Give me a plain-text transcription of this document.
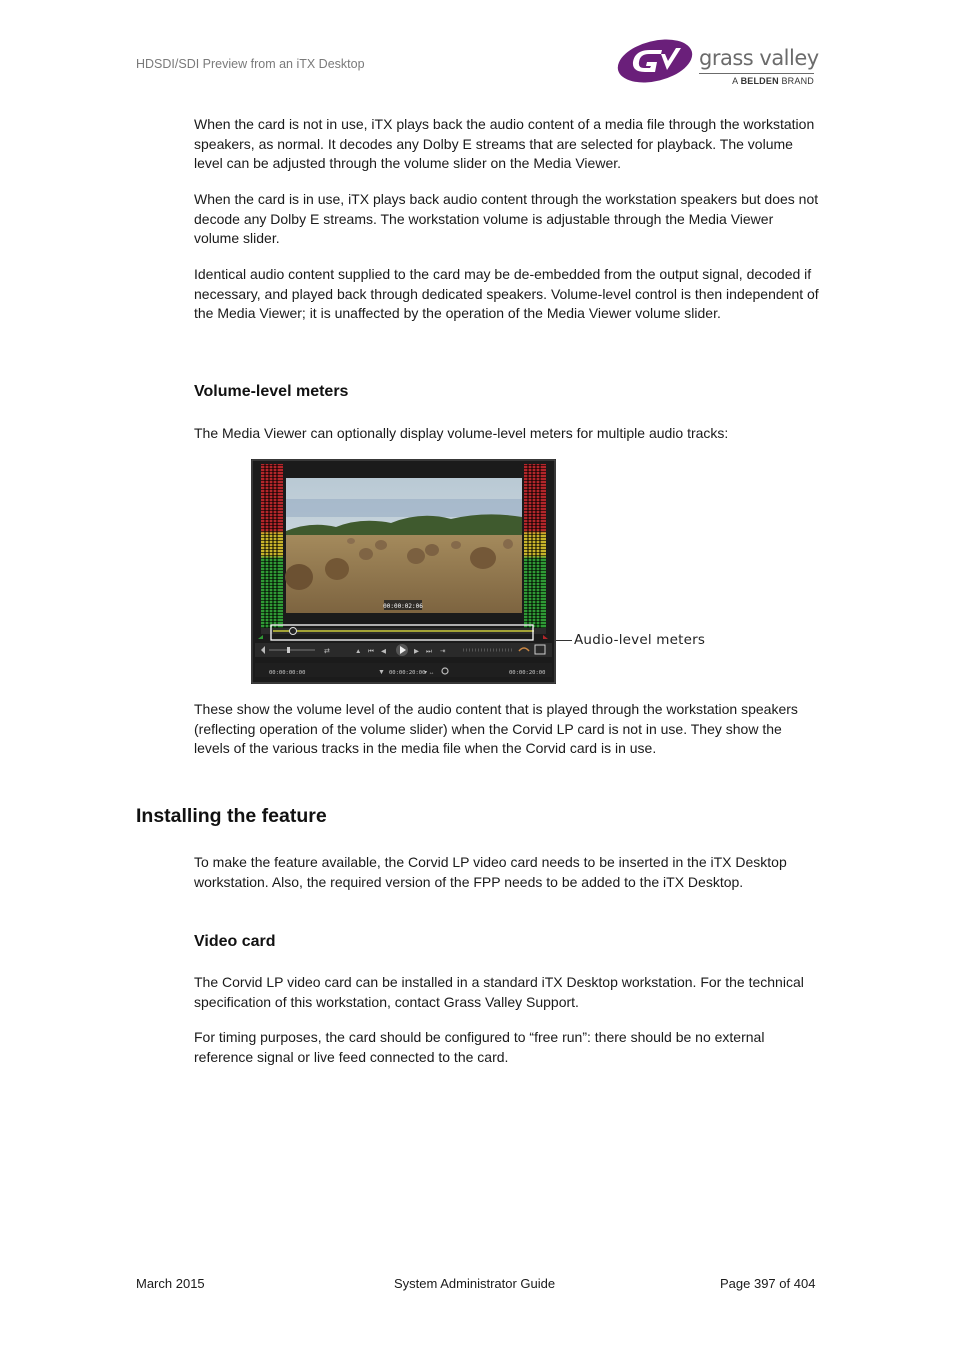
HDSDI/SDI Preview from an iTX Desktop	grass valley
A BELDEN BRAND

When the card is not in use, iTX plays back the audio content of a media file through the workstation speakers, as normal. It decodes any Dolby E streams that are selected for playback. The volume level can be adjusted through the volume slider on the Media Viewer.

When the card is in use, iTX plays back audio content through the workstation speakers but does not decode any Dolby E streams. The workstation volume is adjustable through the Media Viewer volume slider.

Identical audio content supplied to the card may be de-embedded from the output signal, decoded if necessary, and played back through dedicated speakers. Volume-level control is then independent of the Media Viewer; it is unaffected by the operation of the Media Viewer volume slider.

Volume-level meters

The Media Viewer can optionally display volume-level meters for multiple audio tracks:

00:00:02:06
⇄	▲ ⏮ ◀	▶ ⏭ ⇥
00:00:00:00	▼ 00:00:20:00
▾ ↔	00:00:20:00
Audio-level meters

These show the volume level of the audio content that is played through the workstation speakers (reflecting operation of the volume slider) when the Corvid LP card is not in use. They show the levels of the various tracks in the media file when the Corvid card is in use.

Installing the feature

To make the feature available, the Corvid LP video card needs to be inserted in the iTX Desktop workstation. Also, the required version of the FPP needs to be added to the iTX Desktop.

Video card

The Corvid LP video card can be installed in a standard iTX Desktop workstation. For the technical specification of this workstation, contact Grass Valley Support.

For timing purposes, the card should be configured to “free run”: there should be no external reference signal or live feed connected to the card.

March 2015	System Administrator Guide	Page 397 of 404
